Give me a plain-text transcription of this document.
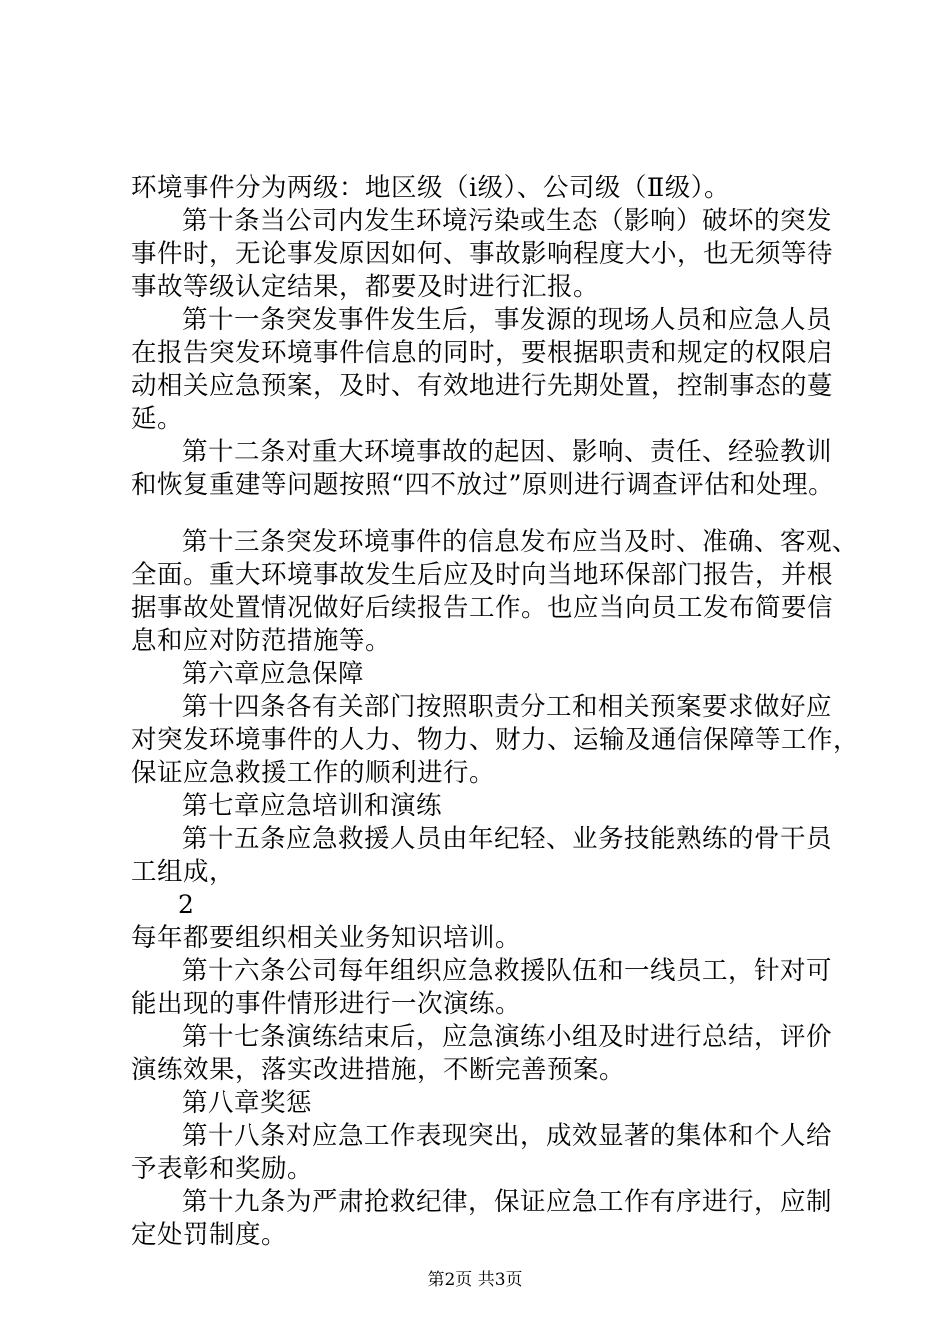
环境事件分为两级：地区级（ⅰ级）、公司级（Ⅱ级）。
第十条当公司内发生环境污染或生态（影响）破坏的突发
事件时，无论事发原因如何、事故影响程度大小，也无须等待
事故等级认定结果，都要及时进行汇报。
第十一条突发事件发生后，事发源的现场人员和应急人员
在报告突发环境事件信息的同时，要根据职责和规定的权限启
动相关应急预案，及时、有效地进行先期处置，控制事态的蔓
延。
第十二条对重大环境事故的起因、影响、责任、经验教训
和恢复重建等问题按照“四不放过”原则进行调查评估和处理。
第十三条突发环境事件的信息发布应当及时、准确、客观、
全面。重大环境事故发生后应及时向当地环保部门报告，并根
据事故处置情况做好后续报告工作。也应当向员工发布简要信
息和应对防范措施等。
第六章应急保障
第十四条各有关部门按照职责分工和相关预案要求做好应
对突发环境事件的人力、物力、财力、运输及通信保障等工作，
保证应急救援工作的顺利进行。
第七章应急培训和演练
第十五条应急救援人员由年纪轻、业务技能熟练的骨干员
工组成，
2
每年都要组织相关业务知识培训。
第十六条公司每年组织应急救援队伍和一线员工，针对可
能出现的事件情形进行一次演练。
第十七条演练结束后，应急演练小组及时进行总结，评价
演练效果，落实改进措施，不断完善预案。
第八章奖惩
第十八条对应急工作表现突出，成效显著的集体和个人给
予表彰和奖励。
第十九条为严肃抢救纪律，保证应急工作有序进行，应制
定处罚制度。
第2页 共3页
